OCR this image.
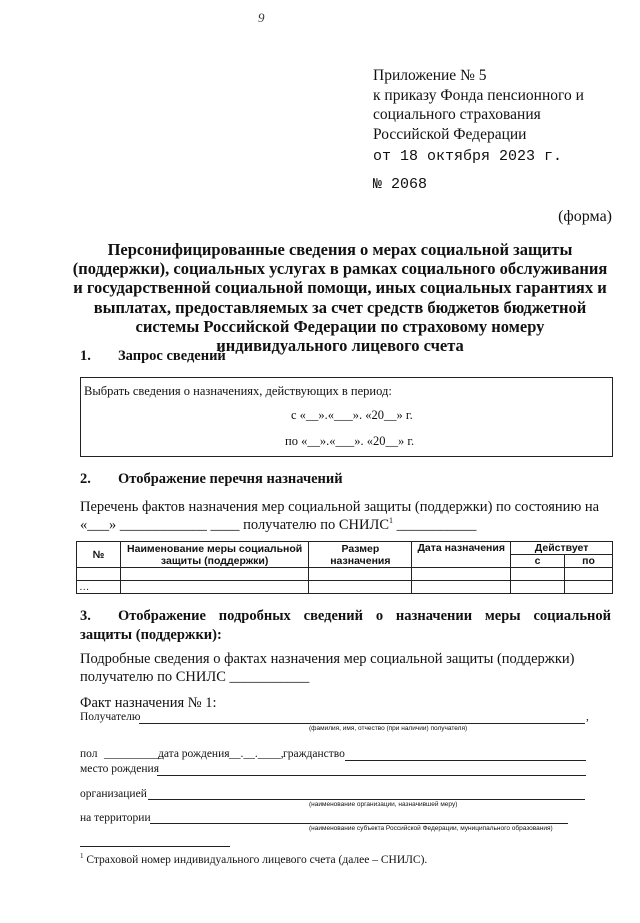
9
Приложение № 5
к приказу Фонда пенсионного и
социального страхования
Российской Федерации
от 18 октября 2023 г.
№ 2068
(форма)
Персонифицированные сведения о мерах социальной защиты (поддержки), социальных услугах в рамках социального обслуживания и государственной социальной помощи, иных социальных гарантиях и выплатах, предоставляемых за счет средств бюджетов бюджетной системы Российской Федерации по страховому номеру индивидуального лицевого счета
1. Запрос сведений
Выбрать сведения о назначениях, действующих в период:
с «__».«___». «20__» г.
по «__».«___». «20__» г.
2. Отображение перечня назначений
Перечень фактов назначения мер социальной защиты (поддержки) по состоянию на
«___» ____________ ____ получателю по СНИЛС$^1$ ___________
№	Наименование меры социальной защиты (поддержки)	Размер назначения	Дата назначения	Действует	
				с	по

…					
3. Отображение подробных сведений о назначении меры социальной защиты (поддержки):
Подробные сведения о фактах назначения мер социальной защиты (поддержки) получателю по СНИЛС ___________
Факт назначения № 1:
Получателю	,
(фамилия, имя, отчество (при наличии) получателя)
пол __________,
дата рождения __.__.____, гражданство
место рождения
организацией
(наименование организации, назначившей меру)
на территории
(наименование субъекта Российской Федерации, муниципального образования)
$^1$ Страховой номер индивидуального лицевого счета (далее – СНИЛС).
